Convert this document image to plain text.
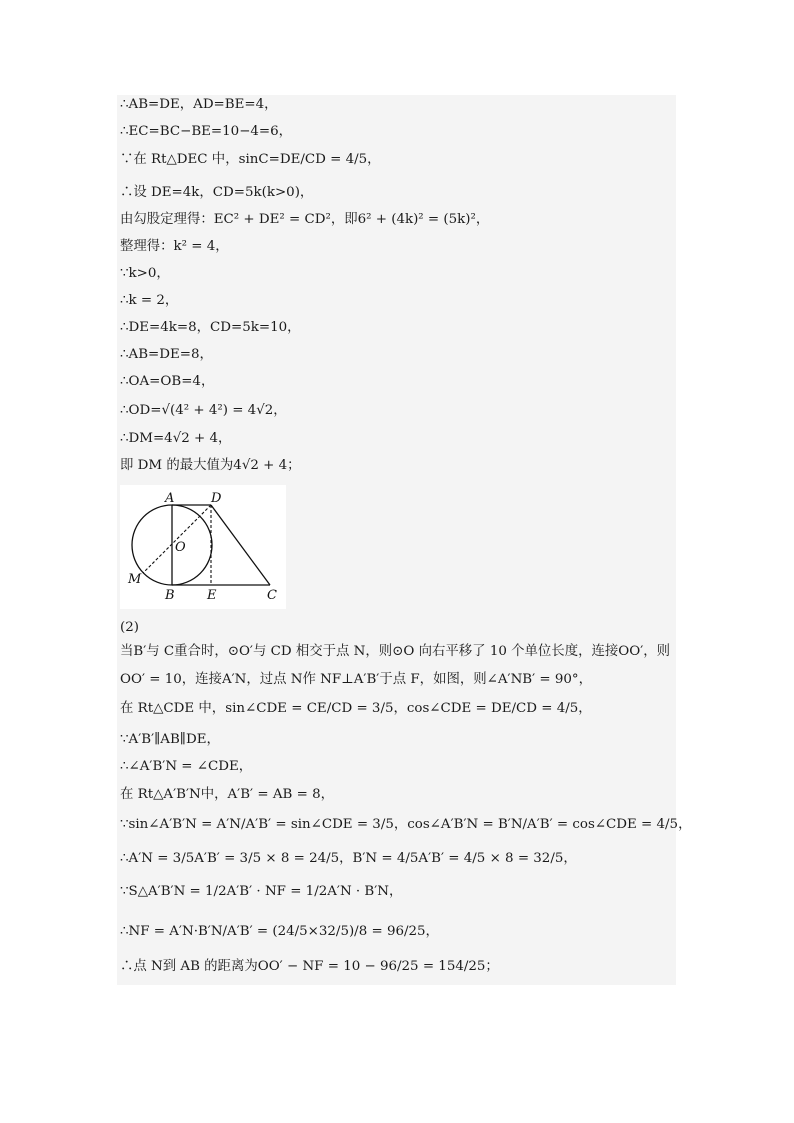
∴AB=DE，AD=BE=4，
∴EC=BC−BE=10−4=6，
∵在 Rt△DEC 中，sinC=DE/CD = 4/5，
∴设 DE=4k，CD=5k(k>0)，
由勾股定理得：EC² + DE² = CD²，即6² + (4k)² = (5k)²，
整理得：k² = 4，
∵k>0，
∴k = 2，
∴DE=4k=8，CD=5k=10，
∴AB=DE=8，
∴OA=OB=4，
∴OD=√(4² + 4²) = 4√2，
∴DM=4√2 + 4，
即 DM 的最大值为4√2 + 4；
A	D
O
M
B E	C
(2)
当B′与 C重合时，⊙O′与 CD 相交于点 N，则⊙O 向右平移了 10 个单位长度，连接OO′，则
OO′ = 10，连接A′N，过点 N作 NF⊥A′B′于点 F，如图，则∠A′NB′ = 90°，
在 Rt△CDE 中，sin∠CDE = CE/CD = 3/5，cos∠CDE = DE/CD = 4/5，
∵A′B′∥AB∥DE，
∴∠A′B′N = ∠CDE，
在 Rt△A′B′N中，A′B′ = AB = 8，
∵sin∠A′B′N = A′N/A′B′ = sin∠CDE = 3/5，cos∠A′B′N = B′N/A′B′ = cos∠CDE = 4/5，
∴A′N = 3/5A′B′ = 3/5 × 8 = 24/5，B′N = 4/5A′B′ = 4/5 × 8 = 32/5，
∵S△A′B′N = 1/2A′B′ · NF = 1/2A′N · B′N，
∴NF = A′N·B′N/A′B′ = (24/5×32/5)/8 = 96/25，
∴点 N到 AB 的距离为OO′ − NF = 10 − 96/25 = 154/25；
